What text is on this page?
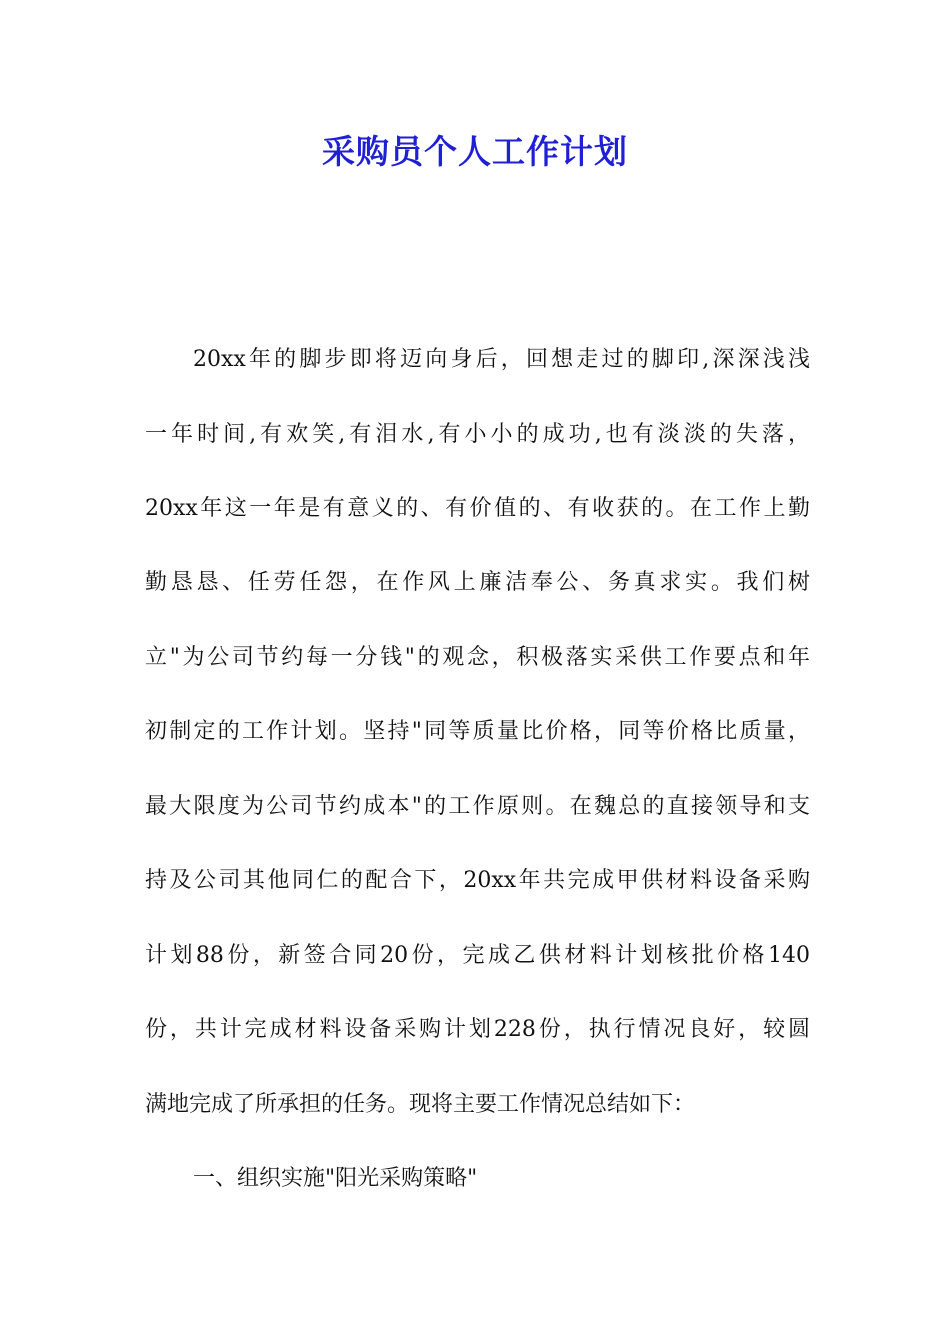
采购员个人工作计划
20xx年的脚步即将迈向身后，回想走过的脚印,深深浅浅
一年时间,有欢笑,有泪水,有小小的成功,也有淡淡的失落，
20xx年这一年是有意义的、有价值的、有收获的。在工作上勤
勤恳恳、任劳任怨，在作风上廉洁奉公、务真求实。我们树
立"为公司节约每一分钱"的观念，积极落实采供工作要点和年
初制定的工作计划。坚持"同等质量比价格，同等价格比质量，
最大限度为公司节约成本"的工作原则。在魏总的直接领导和支
持及公司其他同仁的配合下，20xx年共完成甲供材料设备采购
计划88份，新签合同20份，完成乙供材料计划核批价格140
份，共计完成材料设备采购计划228份，执行情况良好，较圆
满地完成了所承担的任务。现将主要工作情况总结如下：
一、组织实施"阳光采购策略"
